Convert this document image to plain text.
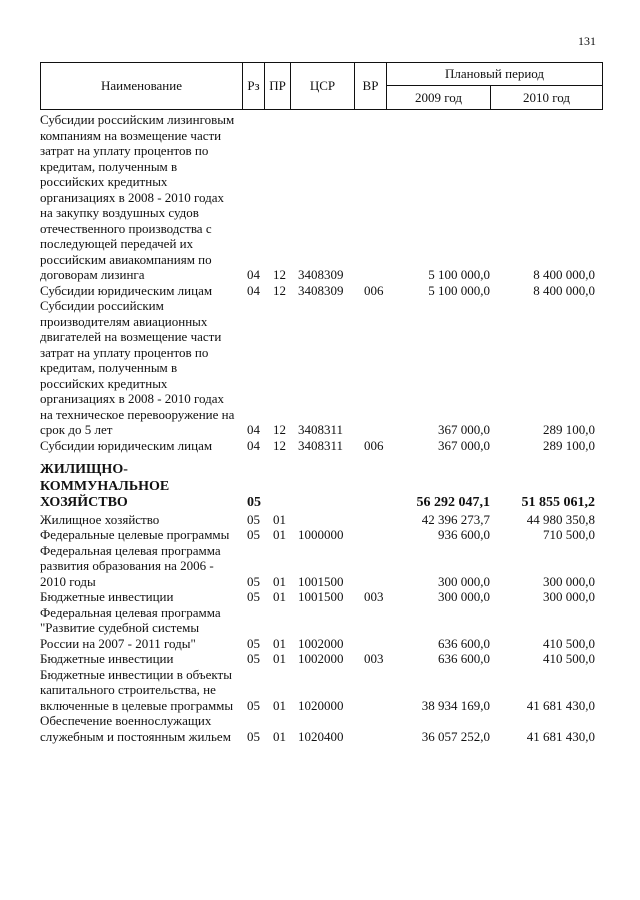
131
Наименование	Рз ПР	ЦСР	ВР
Плановый период
2009 год	2010 год
Субсидии российским лизинговым компаниям на возмещение части затрат на уплату процентов по кредитам, полученным в российских кредитных организациях в 2008 - 2010 годах на закупку воздушных судов отечественного производства с последующей передачей их российским авиакомпаниям по договорам лизинга	04 12 3408309	5 100 000,0	8 400 000,0
Субсидии юридическим лицам	04 12 3408309 006	5 100 000,0	8 400 000,0
Субсидии российским производителям авиационных двигателей на возмещение части затрат на уплату процентов по кредитам, полученным в российских кредитных организациях в 2008 - 2010 годах на техническое перевооружение на срок до 5 лет	04 12 3408311	367 000,0	289 100,0
Субсидии юридическим лицам	04 12 3408311 006	367 000,0	289 100,0
ЖИЛИЩНО-КОММУНАЛЬНОЕ ХОЗЯЙСТВО	05	56 292 047,1	51 855 061,2
Жилищное хозяйство	05 01	42 396 273,7	44 980 350,8
Федеральные целевые программы	05 01 1000000	936 600,0	710 500,0
Федеральная целевая программа развития образования на 2006 - 2010 годы	05 01 1001500	300 000,0	300 000,0
Бюджетные инвестиции	05 01 1001500 003	300 000,0	300 000,0
Федеральная целевая программа "Развитие судебной системы России на 2007 - 2011 годы"	05 01 1002000	636 600,0	410 500,0
Бюджетные инвестиции	05 01 1002000 003	636 600,0	410 500,0
Бюджетные инвестиции в объекты капитального строительства, не включенные в целевые программы	05 01 1020000	38 934 169,0	41 681 430,0
Обеспечение военнослужащих служебным и постоянным жильем	05 01 1020400	36 057 252,0	41 681 430,0
